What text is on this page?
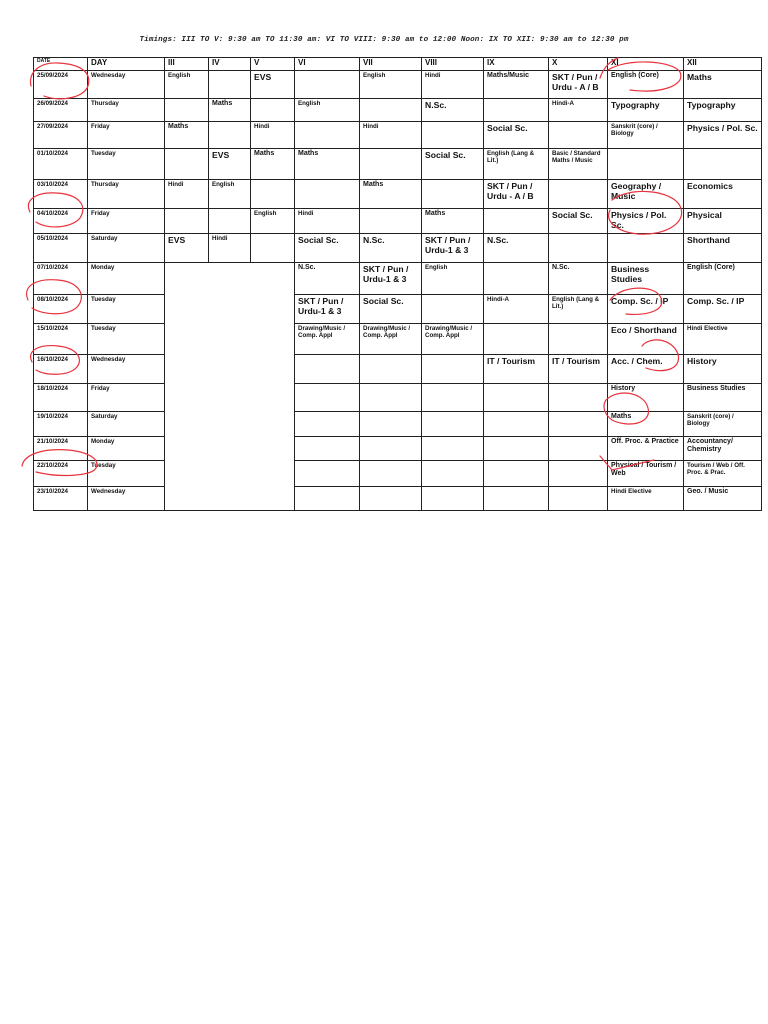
Timings: III TO V: 9:30 am TO 11:30 am: VI TO VIII: 9:30 am to 12:00 Noon: IX TO XII: 9:30 am to 12:30 pm
DATE	DAY	III	IV	V	VI	VII	VIII	IX	X	XI	XII
25/09/2024	Wednesday	English		EVS		English	Hindi	Maths/Music	SKT / Pun / Urdu - A / B	English (Core)	Maths
26/09/2024	Thursday		Maths		English		N.Sc.		Hindi-A	Typography	Typography
27/09/2024	Friday	Maths		Hindi		Hindi		Social Sc.		Sanskrit (core) / Biology	Physics / Pol. Sc.
01/10/2024	Tuesday		EVS	Maths	Maths		Social Sc.	English (Lang & Lit.)	Basic / Standard Maths / Music		
03/10/2024	Thursday	Hindi	English			Maths		SKT / Pun / Urdu - A / B		Geography / Music	Economics
04/10/2024	Friday			English	Hindi		Maths		Social Sc.	Physics / Pol. Sc.	Physical
05/10/2024	Saturday	EVS	Hindi		Social Sc.	N.Sc.	SKT / Pun / Urdu-1 & 3	N.Sc.			Shorthand
07/10/2024	Monday				N.Sc.	SKT / Pun / Urdu-1 & 3	English		N.Sc.	Business Studies	English (Core)
08/10/2024	Tuesday				SKT / Pun / Urdu-1 & 3	Social Sc.		Hindi-A	English (Lang & Lit.)	Comp. Sc. / IP	Comp. Sc. / IP
15/10/2024	Tuesday				Drawing/Music / Comp. Appl	Drawing/Music / Comp. Appl	Drawing/Music / Comp. Appl			Eco / Shorthand	Hindi Elective
16/10/2024	Wednesday							IT / Tourism	IT / Tourism	Acc. / Chem.	History
18/10/2024	Friday									History	Business Studies
19/10/2024	Saturday									Maths	Sanskrit (core) / Biology
21/10/2024	Monday									Off. Proc. & Practice	Accountancy/ Chemistry
22/10/2024	Tuesday									Physical / Tourism / Web	Tourism / Web / Off. Proc. & Prac.
23/10/2024	Wednesday									Hindi Elective	Geo. / Music
